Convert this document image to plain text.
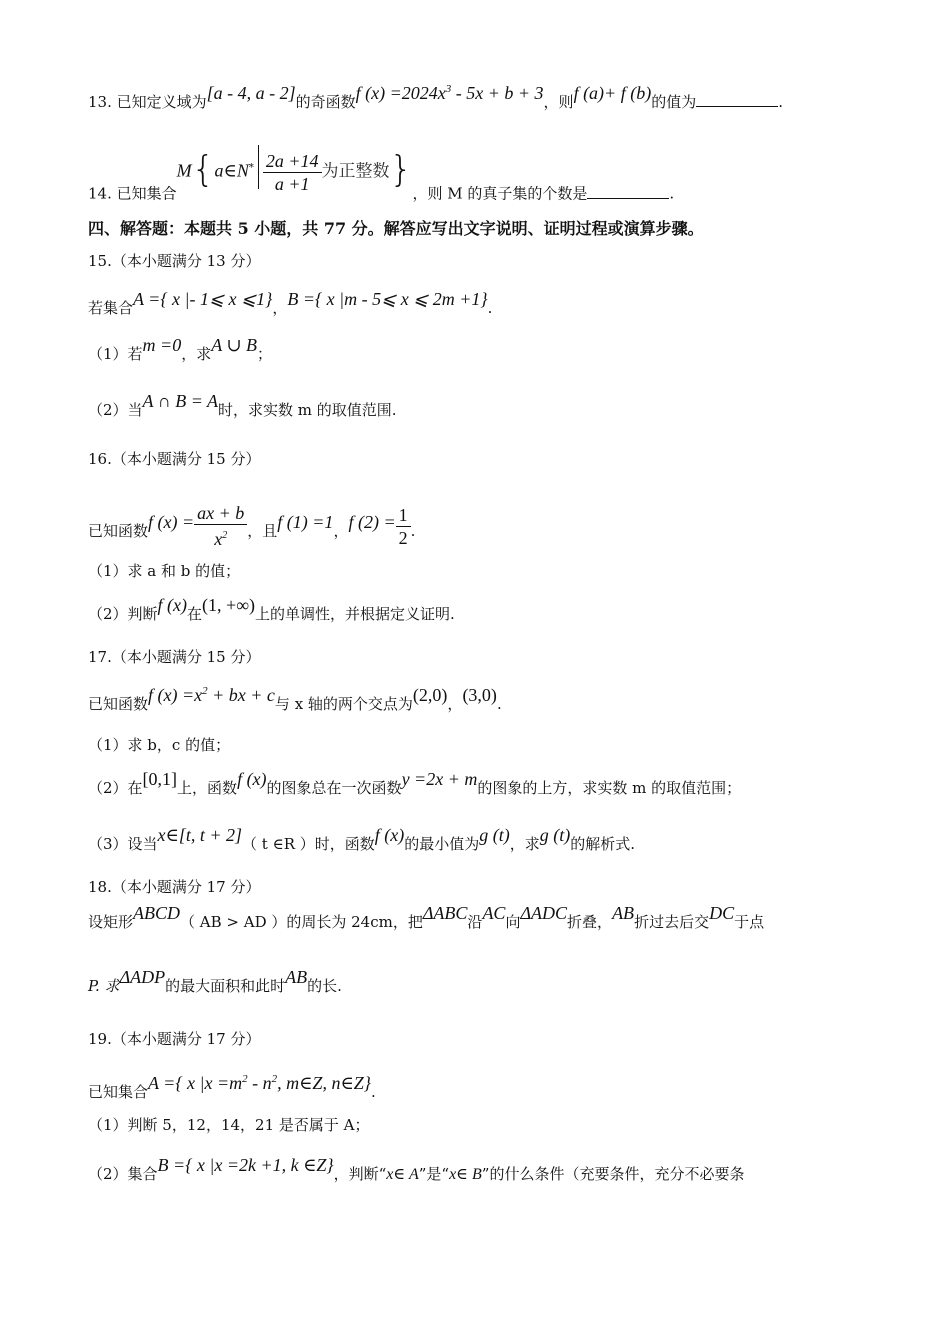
13. 已知定义域为[a - 4, a - 2]的奇函数f $(x) =2024x^3 - 5x + b + 3$，则f (a)+ f (b)的值为	.
14. 已知集合M{a∈N* $\frac{2a +14}{a +1}$ 为正整数}，则 M 的真子集的个数是	.
四、解答题：本题共 5 小题，共 77 分。解答应写出文字说明、证明过程或演算步骤。
15.（本小题满分 13 分）
若集合A ={ x |- 1⩽ x ⩽1}，B ={ x |m - 5⩽ x ⩽ 2m +1}.
（1）若m =0，求A ∪ B；
（2）当A ∩ B = A时，求实数 m 的取值范围.
16.（本小题满分 15 分）
已知函数f $(x) = \frac{ax + b}{x^2}$ ，且f (1) =1，f $(2) = \frac{1}{2}$ .
（1）求 a 和 b 的值；
（2）判断f (x)在(1, +∞)上的单调性，并根据定义证明.
17.（本小题满分 15 分）
已知函数f $(x) =x^2$ + bx + c与 x 轴的两个交点为(2,0)，(3,0).
（1）求 b，c 的值；
（2）在[0,1]上，函数f (x)的图象总在一次函数y =2x + m的图象的上方，求实数 m 的取值范围；
（3）设当x∈[t, t + 2]（ t ∈R ）时，函数f (x)的最小值为g (t)，求g (t)的解析式.
18.（本小题满分 17 分）
设矩形ABCD（ AB > AD ）的周长为 24cm，把ΔABC沿AC向ΔADC折叠，AB折过去后交DC于点
P. 求ΔADP的最大面积和此时AB的长.
19.（本小题满分 17 分）
已知集合A ={ x $|x =m^2 - n^2$, m∈Z, n∈Z}.
（1）判断 5，12，14，21 是否属于 A；
（2）集合B ={ x |x =2k +1, k ∈Z}，判断“x∈ A”是“x∈ B”的什么条件（充要条件，充分不必要条
